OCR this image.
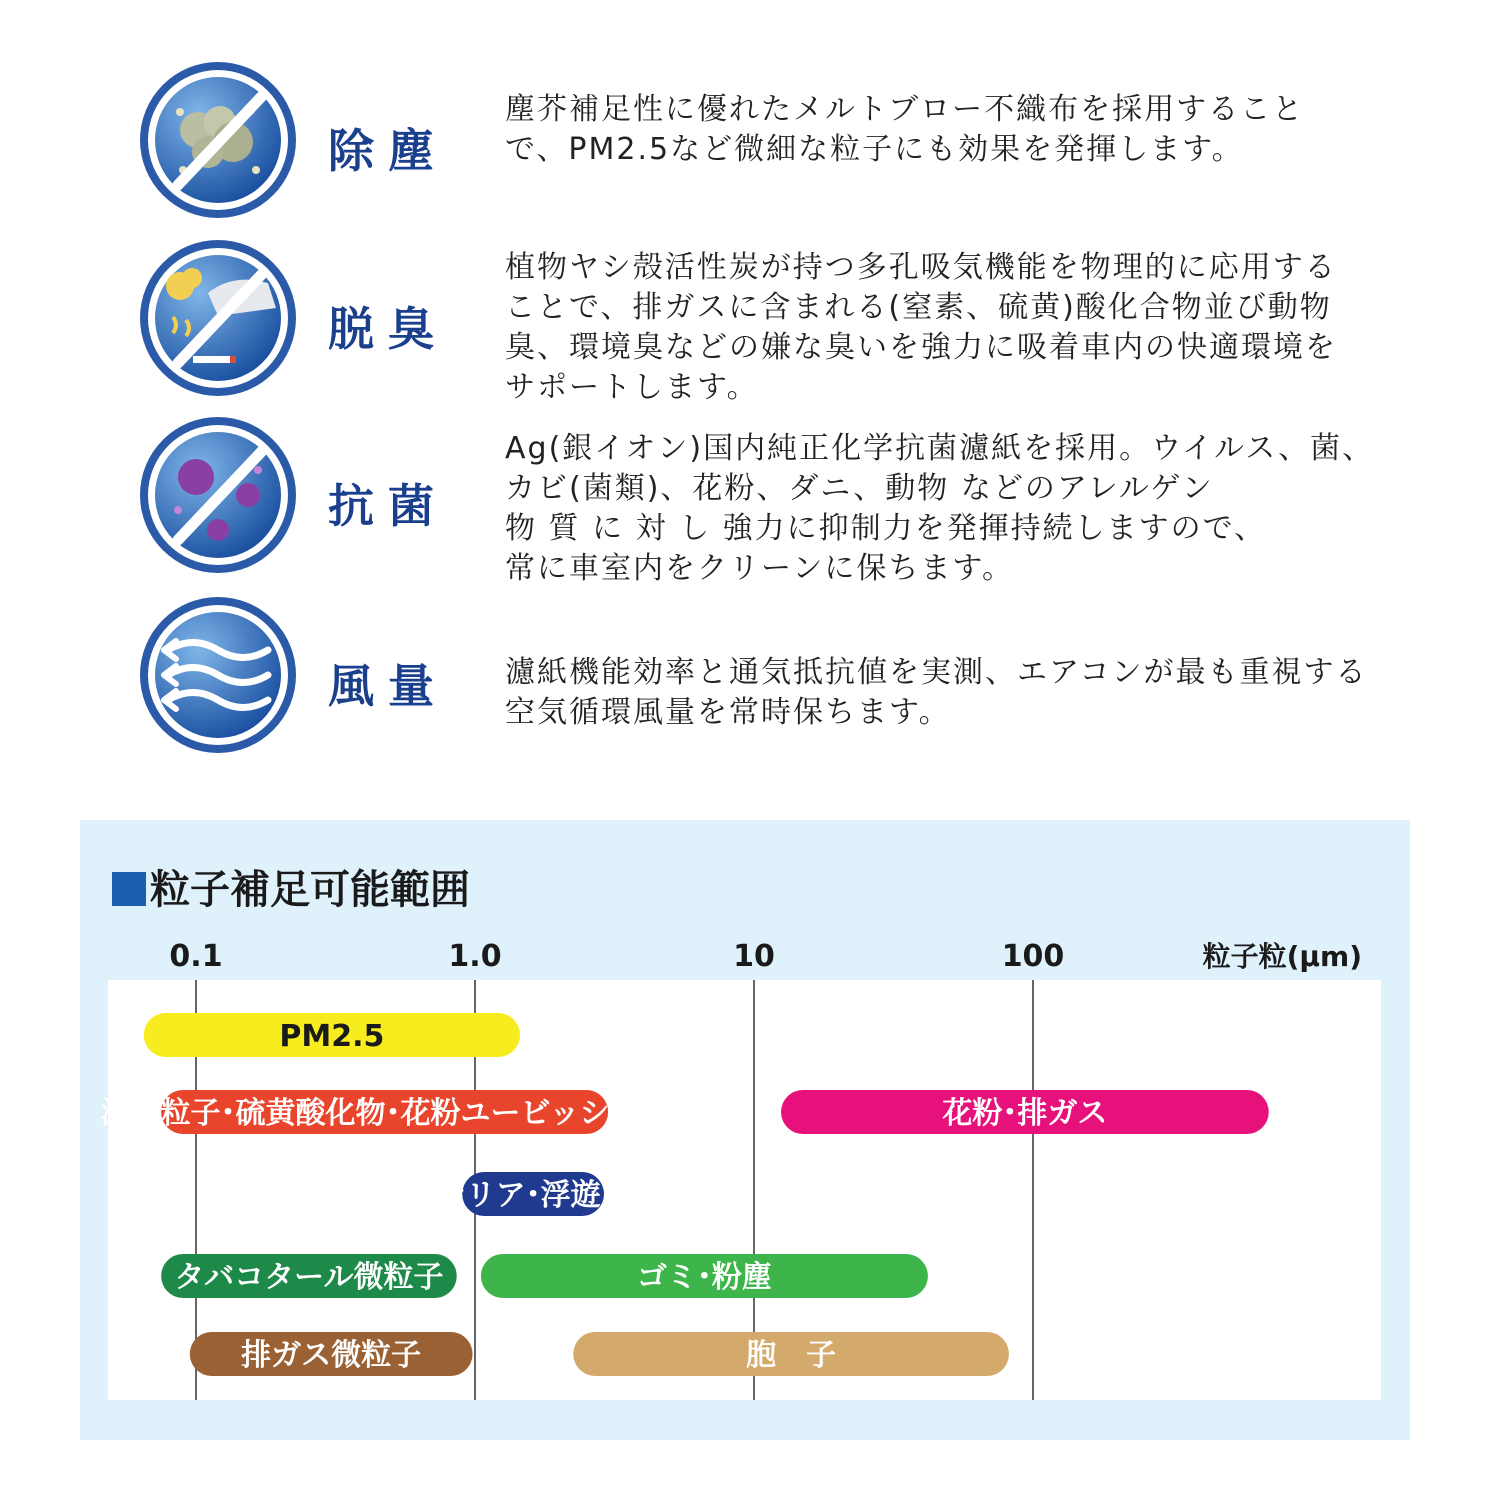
除塵
塵芥補足性に優れたメルトブロー不織布を採用すること
で、PM2.5など微細な粒子にも効果を発揮します。
脱臭
植物ヤシ殻活性炭が持つ多孔吸気機能を物理的に応用する
ことで、排ガスに含まれる(窒素、硫黄)酸化合物並び動物
臭、環境臭などの嫌な臭いを強力に吸着車内の快適環境を
サポートします。
抗菌
Ag(銀イオン)国内純正化学抗菌濾紙を採用。ウイルス、菌、
カビ(菌類)、花粉、ダニ、動物 などのアレルゲン
物 質 に 対 し 強力に抑制力を発揮持続しますので、
常に車室内をクリーンに保ちます。
風量 濾紙機能効率と通気抵抗値を実測、エアコンが最も重視する
空気循環風量を常時保ちます。
0.1	1.0	10	100	粒子粒(μm)
PM2.5
浮遊粒子･硫黄酸化物･花粉ユービッシュ体	花粉･排ガス
バクテリア･浮遊カビ菌
タバコタール微粒子	ゴミ･粉塵
排ガス微粒子	胞　子
粒子補足可能範囲
